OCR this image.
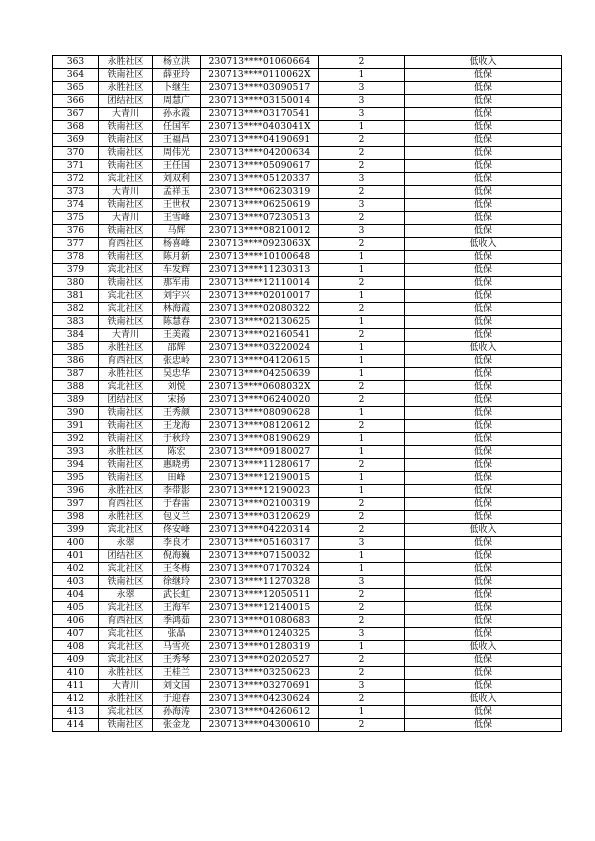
363	永胜社区	杨立洪	230713****01060664	2	低收入
364	铁南社区	薛亚玲	230713****0110062X	1	低保
365	永胜社区	卜继生	230713****03090517	3	低保
366	团结社区	周慧广	230713****03150014	3	低保
367	大青川	孙永霞	230713****03170541	3	低保
368	铁南社区	任国军	230713****0403041X	1	低保
369	铁南社区	王福昌	230713****04190691	2	低保
370	铁南社区	周伟光	230713****04200634	2	低保
371	铁南社区	王任国	230713****05090617	2	低保
372	宾北社区	刘双利	230713****05120337	3	低保
373	大青川	孟祥玉	230713****06230319	2	低保
374	铁南社区	王世权	230713****06250619	3	低保
375	大青川	王雪峰	230713****07230513	2	低保
376	铁南社区	马辉	230713****08210012	3	低保
377	育西社区	杨喜峰	230713****0923063X	2	低收入
378	铁南社区	陈月新	230713****10100648	1	低保
379	宾北社区	车发辉	230713****11230313	1	低保
380	铁南社区	那军甫	230713****12110014	2	低保
381	宾北社区	刘宇兴	230713****02010017	1	低保
382	宾北社区	林海霞	230713****02080322	2	低保
383	铁南社区	陈慧春	230713****02130625	1	低保
384	大青川	王美霞	230713****02160541	2	低保
385	永胜社区	邵辉	230713****03220024	1	低收入
386	育西社区	张忠岭	230713****04120615	1	低保
387	永胜社区	吴忠华	230713****04250639	1	低保
388	宾北社区	刘悦	230713****0608032X	2	低保
389	团结社区	宋扬	230713****06240020	2	低保
390	铁南社区	王秀颜	230713****08090628	1	低保
391	铁南社区	王龙海	230713****08120612	2	低保
392	铁南社区	于秋玲	230713****08190629	1	低保
393	永胜社区	陈宏	230713****09180027	1	低保
394	铁南社区	惠晓勇	230713****11280617	2	低保
395	铁南社区	田峰	230713****12190015	1	低保
396	永胜社区	李带影	230713****12190023	1	低保
397	育西社区	于春雷	230713****02100319	2	低保
398	永胜社区	包义兰	230713****03120629	2	低保
399	宾北社区	佟安峰	230713****04220314	2	低收入
400	永翠	李良才	230713****05160317	3	低保
401	团结社区	倪海巍	230713****07150032	1	低保
402	宾北社区	王冬梅	230713****07170324	1	低保
403	铁南社区	徐继玲	230713****11270328	3	低保
404	永翠	武长虹	230713****12050511	2	低保
405	宾北社区	王海军	230713****12140015	2	低保
406	育西社区	季鸿茹	230713****01080683	2	低保
407	宾北社区	张晶	230713****01240325	3	低保
408	宾北社区	马雪亮	230713****01280319	1	低收入
409	宾北社区	王秀琴	230713****02020527	2	低保
410	永胜社区	王桂兰	230713****03250623	2	低保
411	大青川	刘文国	230713****03270691	3	低保
412	永胜社区	于迎春	230713****04230624	2	低收入
413	宾北社区	孙海涛	230713****04260612	1	低保
414	铁南社区	张金龙	230713****04300610	2	低保
